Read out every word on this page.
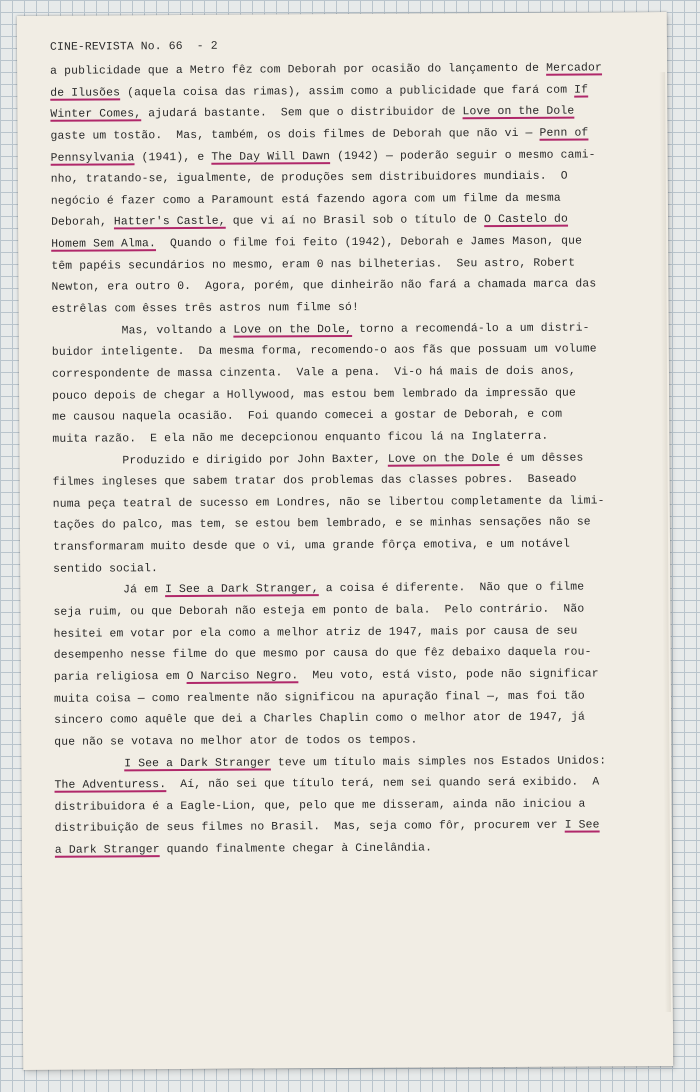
CINE-REVISTA No. 66 - 2
a publicidade que a Metro fêz com Deborah por ocasião do lançamento de Mercador
de Ilusões (aquela coisa das rimas), assim como a publicidade que fará com If
Winter Comes, ajudará bastante.  Sem que o distribuidor de Love on the Dole
gaste um tostão.  Mas, também, os dois filmes de Deborah que não vi — Penn of
Pennsylvania (1941), e The Day Will Dawn (1942) — poderão seguir o mesmo cami-
nho, tratando-se, igualmente, de produções sem distribuidores mundiais.  O
negócio é fazer como a Paramount está fazendo agora com um filme da mesma
Deborah, Hatter's Castle, que vi aí no Brasil sob o título de O Castelo do
Homem Sem Alma.  Quando o filme foi feito (1942), Deborah e James Mason, que
têm papéis secundários no mesmo, eram 0 nas bilheterias.  Seu astro, Robert
Newton, era outro 0.  Agora, porém, que dinheirão não fará a chamada marca das
estrêlas com êsses três astros num filme só!
Mas, voltando a Love on the Dole, torno a recomendá-lo a um distri-
buidor inteligente.  Da mesma forma, recomendo-o aos fãs que possuam um volume
correspondente de massa cinzenta.  Vale a pena.  Vi-o há mais de dois anos,
pouco depois de chegar a Hollywood, mas estou bem lembrado da impressão que
me causou naquela ocasião.  Foi quando comecei a gostar de Deborah, e com
muita razão.  E ela não me decepcionou enquanto ficou lá na Inglaterra.
Produzido e dirigido por John Baxter, Love on the Dole é um dêsses
filmes ingleses que sabem tratar dos problemas das classes pobres.  Baseado
numa peça teatral de sucesso em Londres, não se libertou completamente da limi-
tações do palco, mas tem, se estou bem lembrado, e se minhas sensações não se
transformaram muito desde que o vi, uma grande fôrça emotiva, e um notável
sentido social.
Já em I See a Dark Stranger, a coisa é diferente.  Não que o filme
seja ruim, ou que Deborah não esteja em ponto de bala.  Pelo contrário.  Não
hesitei em votar por ela como a melhor atriz de 1947, mais por causa de seu
desempenho nesse filme do que mesmo por causa do que fêz debaixo daquela rou-
paria religiosa em O Narciso Negro.  Meu voto, está visto, pode não significar
muita coisa — como realmente não significou na apuração final —, mas foi tão
sincero como aquêle que dei a Charles Chaplin como o melhor ator de 1947, já
que não se votava no melhor ator de todos os tempos.
I See a Dark Stranger teve um título mais simples nos Estados Unidos:
The Adventuress.  Aí, não sei que título terá, nem sei quando será exibido.  A
distribuidora é a Eagle-Lion, que, pelo que me disseram, ainda não iniciou a
distribuição de seus filmes no Brasil.  Mas, seja como fôr, procurem ver I See
a Dark Stranger quando finalmente chegar à Cinelândia.
